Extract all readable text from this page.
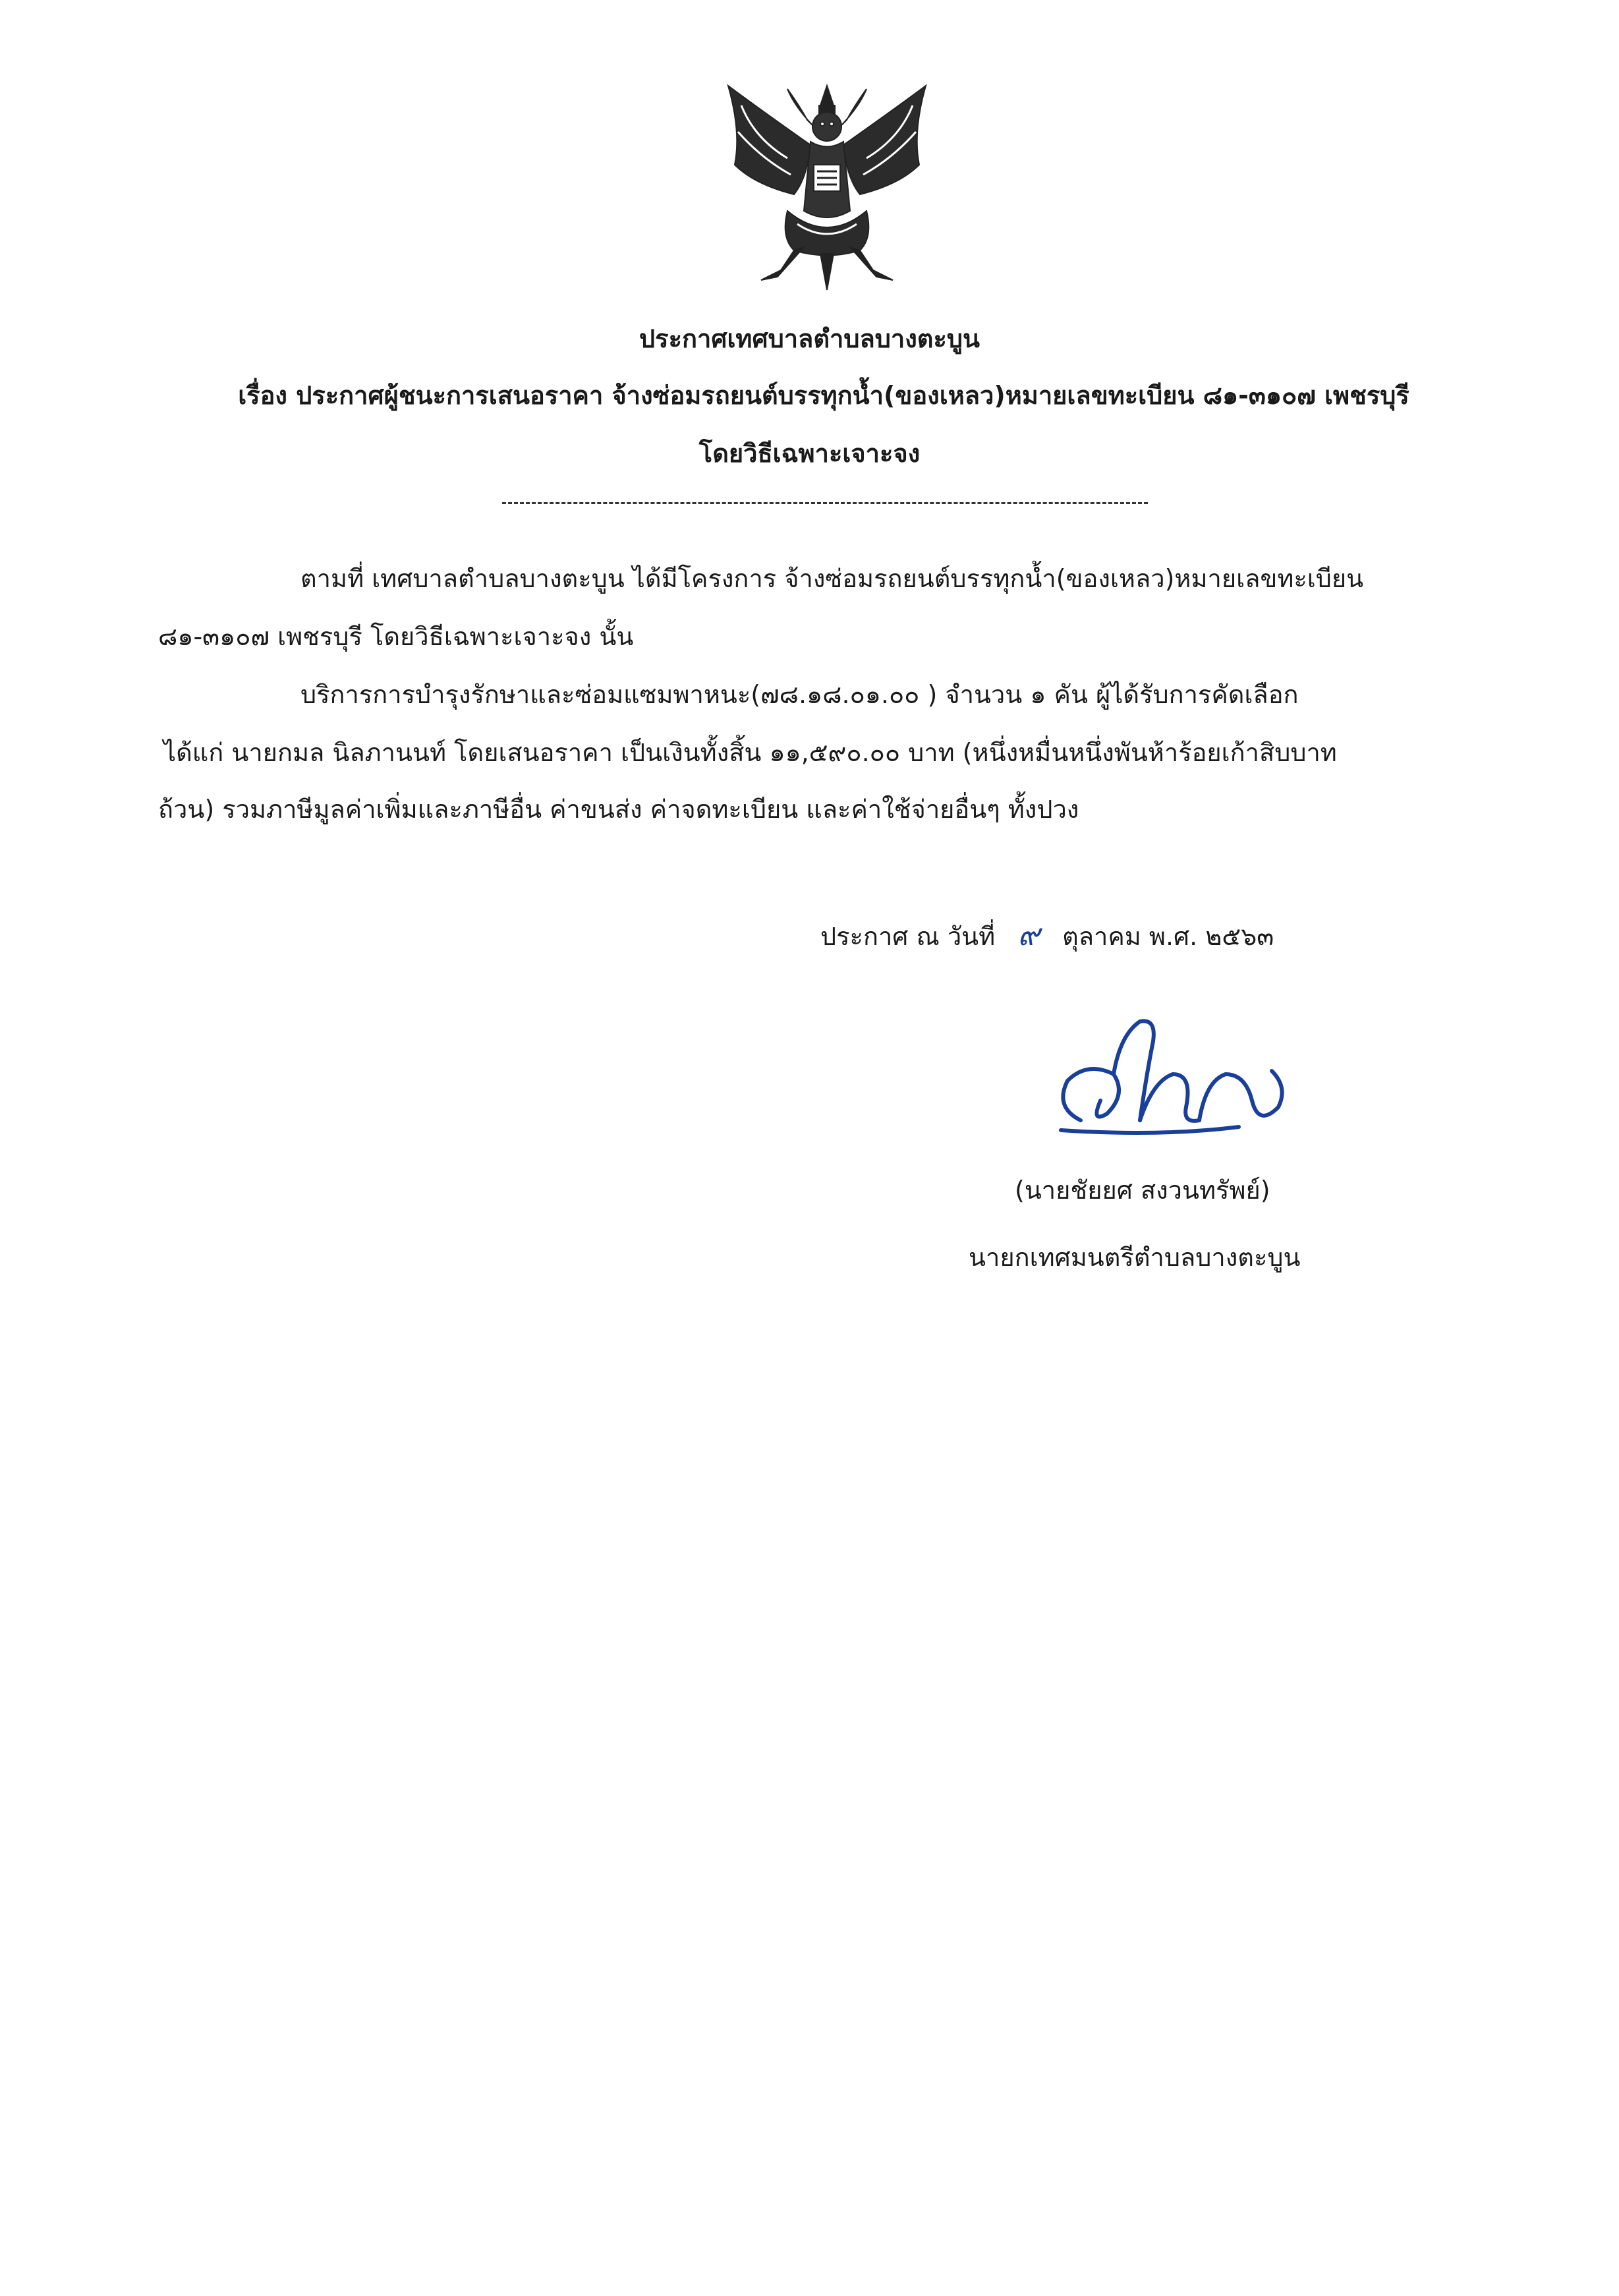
ประกาศเทศบาลตำบลบางตะบูน
เรื่อง ประกาศผู้ชนะการเสนอราคา จ้างซ่อมรถยนต์บรรทุกน้ำ(ของเหลว)หมายเลขทะเบียน ๘๑-๓๑๐๗ เพชรบุรี
โดยวิธีเฉพาะเจาะจง
ตามที่ เทศบาลตำบลบางตะบูน ได้มีโครงการ จ้างซ่อมรถยนต์บรรทุกน้ำ(ของเหลว)หมายเลขทะเบียน
๘๑-๓๑๐๗ เพชรบุรี โดยวิธีเฉพาะเจาะจง นั้น
บริการการบำรุงรักษาและซ่อมแซมพาหนะ(๗๘.๑๘.๐๑.๐๐ ) จำนวน ๑ คัน ผู้ได้รับการคัดเลือก
ได้แก่ นายกมล นิลภานนท์ โดยเสนอราคา เป็นเงินทั้งสิ้น ๑๑,๕๙๐.๐๐ บาท (หนึ่งหมื่นหนึ่งพันห้าร้อยเก้าสิบบาท
ถ้วน) รวมภาษีมูลค่าเพิ่มและภาษีอื่น ค่าขนส่ง ค่าจดทะเบียน และค่าใช้จ่ายอื่นๆ ทั้งปวง
ประกาศ ณ วันที่ ๙ ตุลาคม พ.ศ. ๒๕๖๓
(นายชัยยศ สงวนทรัพย์)
นายกเทศมนตรีตำบลบางตะบูน
